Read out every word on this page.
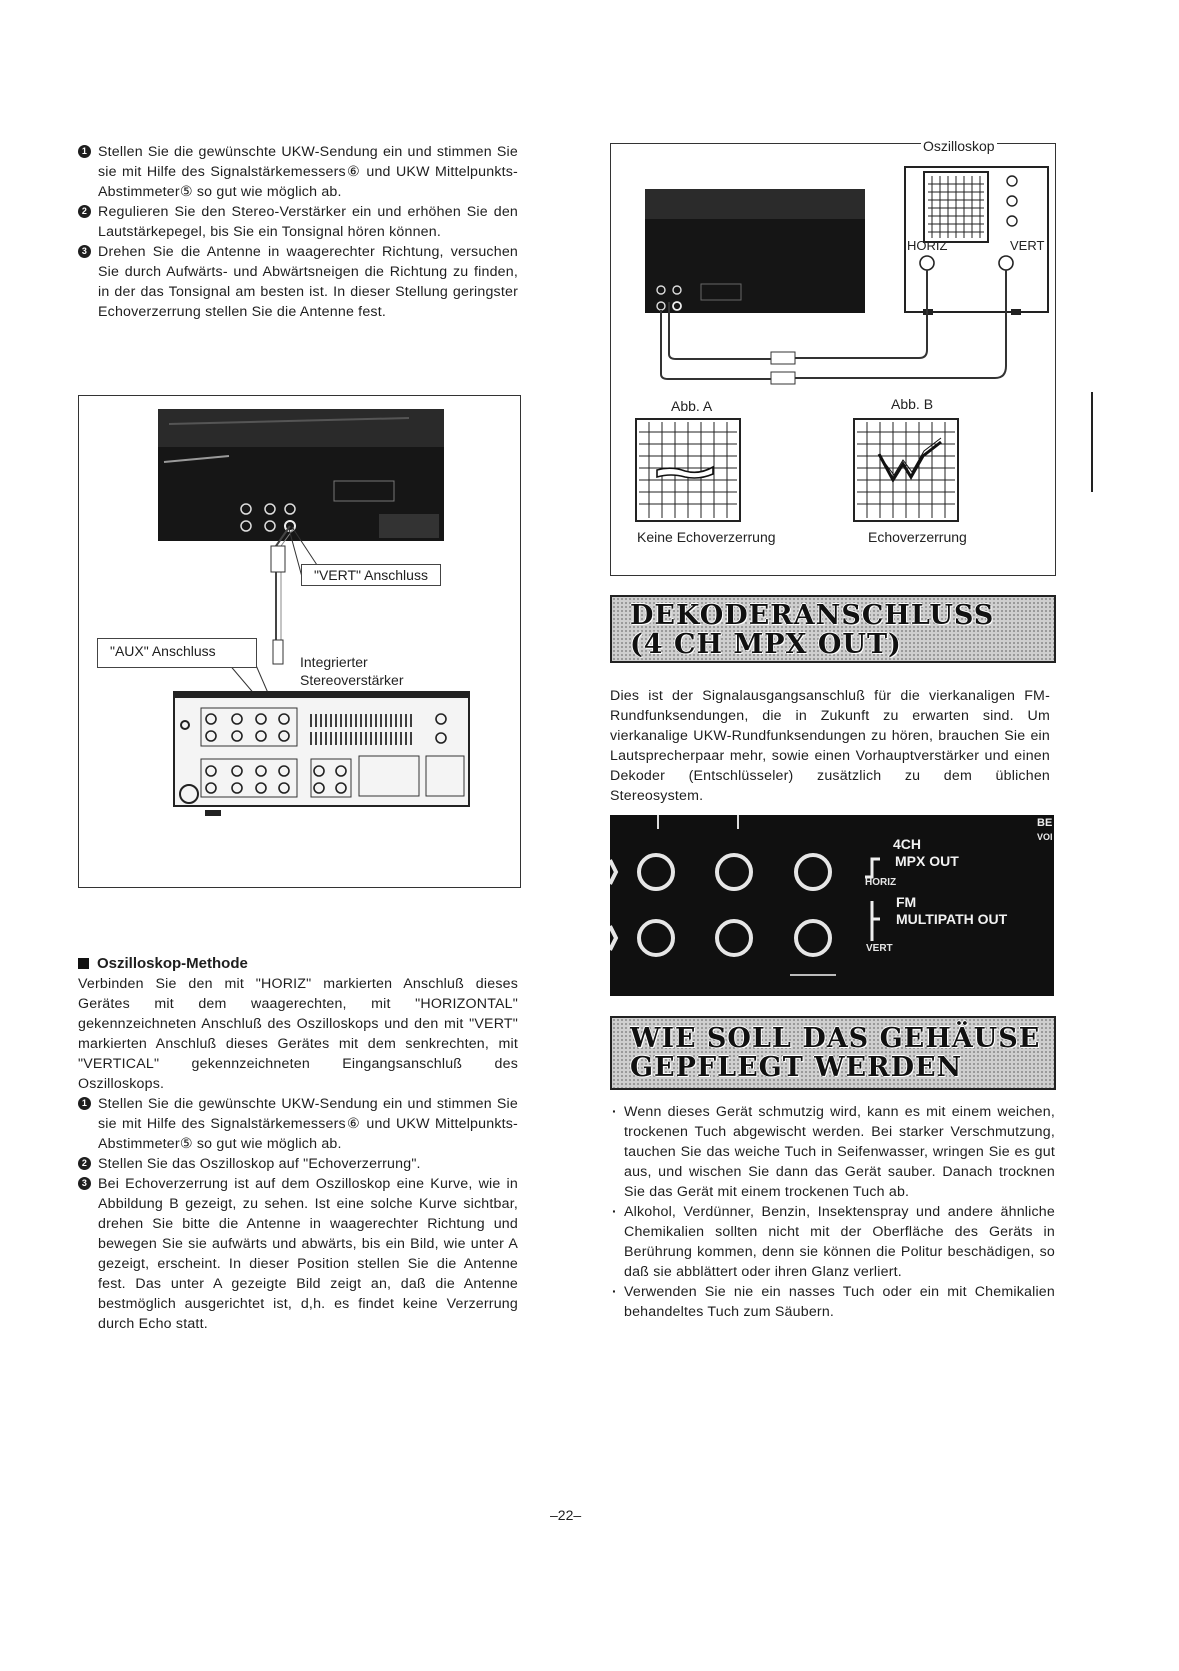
1 Stellen Sie die gewünschte UKW-Sendung ein und stimmen Sie sie mit Hilfe des Signalstärkemessers⑥ und UKW Mittelpunkts-Abstimmeter⑤ so gut wie möglich ab.
2 Regulieren Sie den Stereo-Verstärker ein und erhöhen Sie den Lautstärkepegel, bis Sie ein Tonsignal hören können.
3 Drehen Sie die Antenne in waagerechter Richtung, versuchen Sie durch Aufwärts- und Abwärtsneigen die Richtung zu finden, in der das Tonsignal am besten ist. In dieser Stellung geringster Echoverzerrung stellen Sie die Antenne fest.
"VERT" Anschluss
"AUX" Anschluss
Integrierter
Stereoverstärker
Oszilloskop-Methode
Verbinden Sie den mit "HORIZ" markierten Anschluß dieses Gerätes mit dem waagerechten, mit "HORIZONTAL" gekennzeichneten Anschluß des Oszilloskops und den mit "VERT" markierten Anschluß dieses Gerätes mit dem senkrechten, mit "VERTICAL" gekennzeichneten Eingangsanschluß des Oszilloskops.
1 Stellen Sie die gewünschte UKW-Sendung ein und stimmen Sie sie mit Hilfe des Signalstärkemessers⑥ und UKW Mittelpunkts-Abstimmeter⑤ so gut wie möglich ab.
2 Stellen Sie das Oszilloskop auf "Echoverzerrung".
3 Bei Echoverzerrung ist auf dem Oszilloskop eine Kurve, wie in Abbildung B gezeigt, zu sehen. Ist eine solche Kurve sichtbar, drehen Sie bitte die Antenne in waagerechter Richtung und bewegen Sie sie aufwärts und abwärts, bis ein Bild, wie unter A gezeigt, erscheint. In dieser Position stellen Sie die Antenne fest. Das unter A gezeigte Bild zeigt an, daß die Antenne bestmöglich ausgerichtet ist, d,h. es findet keine Verzerrung durch Echo statt.
Oszilloskop
HORIZ	VERT
Abb. A	Abb. B
Keine Echoverzerrung	Echoverzerrung
DEKODERANSCHLUSS
(4 CH MPX OUT)
Dies ist der Signalausgangsanschluß für die vierkanaligen FM-Rundfunksendungen, die in Zukunft zu erwarten sind. Um vierkanalige UKW-Rundfunksendungen zu hören, brauchen Sie ein Lautsprecherpaar mehr, sowie einen Vorhauptverstärker und einen Dekoder (Entschlüsseler) zusätzlich zu dem üblichen Stereosystem.
4CH
MPX OUT
HORIZ
FM
MULTIPATH OUT
VERT
BE
VOI
WIE SOLL DAS GEHÄUSE
GEPFLEGT WERDEN
· Wenn dieses Gerät schmutzig wird, kann es mit einem weichen, trockenen Tuch abgewischt werden. Bei starker Verschmutzung, tauchen Sie das weiche Tuch in Seifenwasser, wringen Sie es gut aus, und wischen Sie dann das Gerät sauber. Danach trocknen Sie das Gerät mit einem trockenen Tuch ab.
· Alkohol, Verdünner, Benzin, Insektenspray und andere ähnliche Chemikalien sollten nicht mit der Oberfläche des Geräts in Berührung kommen, denn sie können die Politur beschädigen, so daß sie abblättert oder ihren Glanz verliert.
· Verwenden Sie nie ein nasses Tuch oder ein mit Chemikalien behandeltes Tuch zum Säubern.
–22–
